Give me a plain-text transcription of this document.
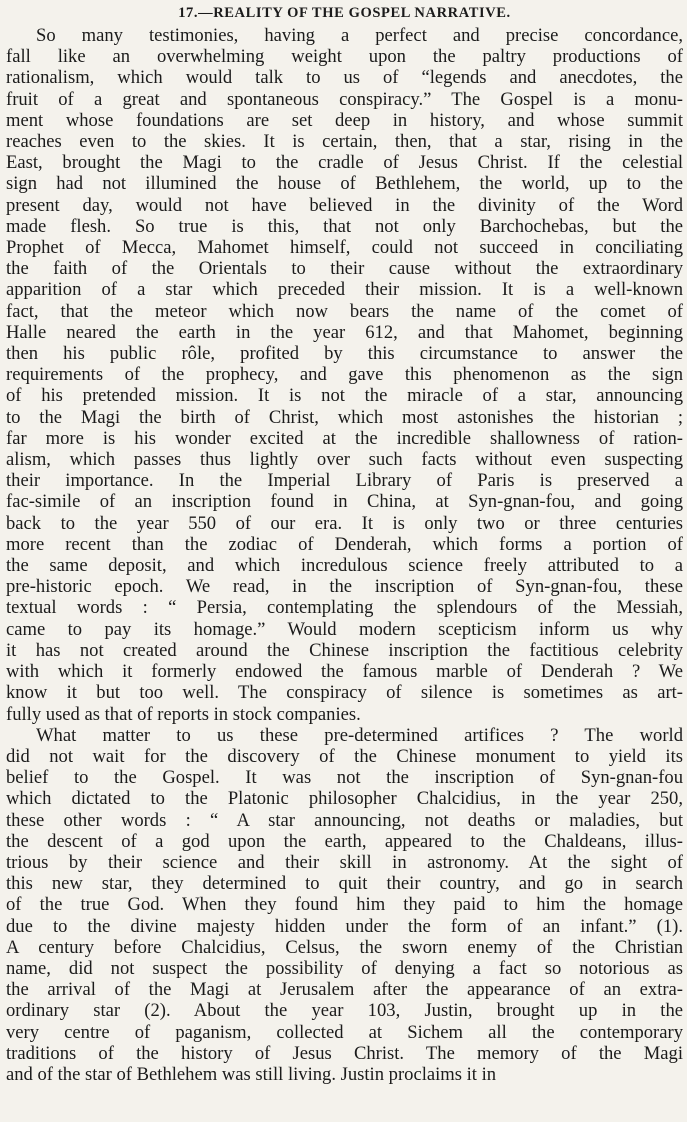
17.—REALITY OF THE GOSPEL NARRATIVE.
So many testimonies, having a perfect and precise concordance,
fall like an overwhelming weight upon the paltry productions of
rationalism, which would talk to us of “legends and anecdotes, the
fruit of a great and spontaneous conspiracy.” The Gospel is a monu-
ment whose foundations are set deep in history, and whose summit
reaches even to the skies. It is certain, then, that a star, rising in the
East, brought the Magi to the cradle of Jesus Christ. If the celestial
sign had not illumined the house of Bethlehem, the world, up to the
present day, would not have believed in the divinity of the Word
made flesh. So true is this, that not only Barchochebas, but the
Prophet of Mecca, Mahomet himself, could not succeed in conciliating
the faith of the Orientals to their cause without the extraordinary
apparition of a star which preceded their mission. It is a well-known
fact, that the meteor which now bears the name of the comet of
Halle neared the earth in the year 612, and that Mahomet, beginning
then his public rôle, profited by this circumstance to answer the
requirements of the prophecy, and gave this phenomenon as the sign
of his pretended mission. It is not the miracle of a star, announcing
to the Magi the birth of Christ, which most astonishes the historian ;
far more is his wonder excited at the incredible shallowness of ration-
alism, which passes thus lightly over such facts without even suspecting
their importance. In the Imperial Library of Paris is preserved a
fac-simile of an inscription found in China, at Syn-gnan-fou, and going
back to the year 550 of our era. It is only two or three centuries
more recent than the zodiac of Denderah, which forms a portion of
the same deposit, and which incredulous science freely attributed to a
pre-historic epoch. We read, in the inscription of Syn-gnan-fou, these
textual words : “ Persia, contemplating the splendours of the Messiah,
came to pay its homage.” Would modern scepticism inform us why
it has not created around the Chinese inscription the factitious celebrity
with which it formerly endowed the famous marble of Denderah ? We
know it but too well. The conspiracy of silence is sometimes as art-
fully used as that of reports in stock companies.
What matter to us these pre-determined artifices ? The world
did not wait for the discovery of the Chinese monument to yield its
belief to the Gospel. It was not the inscription of Syn-gnan-fou
which dictated to the Platonic philosopher Chalcidius, in the year 250,
these other words : “ A star announcing, not deaths or maladies, but
the descent of a god upon the earth, appeared to the Chaldeans, illus-
trious by their science and their skill in astronomy. At the sight of
this new star, they determined to quit their country, and go in search
of the true God. When they found him they paid to him the homage
due to the divine majesty hidden under the form of an infant.” (1).
A century before Chalcidius, Celsus, the sworn enemy of the Christian
name, did not suspect the possibility of denying a fact so notorious as
the arrival of the Magi at Jerusalem after the appearance of an extra-
ordinary star (2). About the year 103, Justin, brought up in the
very centre of paganism, collected at Sichem all the contemporary
traditions of the history of Jesus Christ. The memory of the Magi
and of the star of Bethlehem was still living. Justin proclaims it in
